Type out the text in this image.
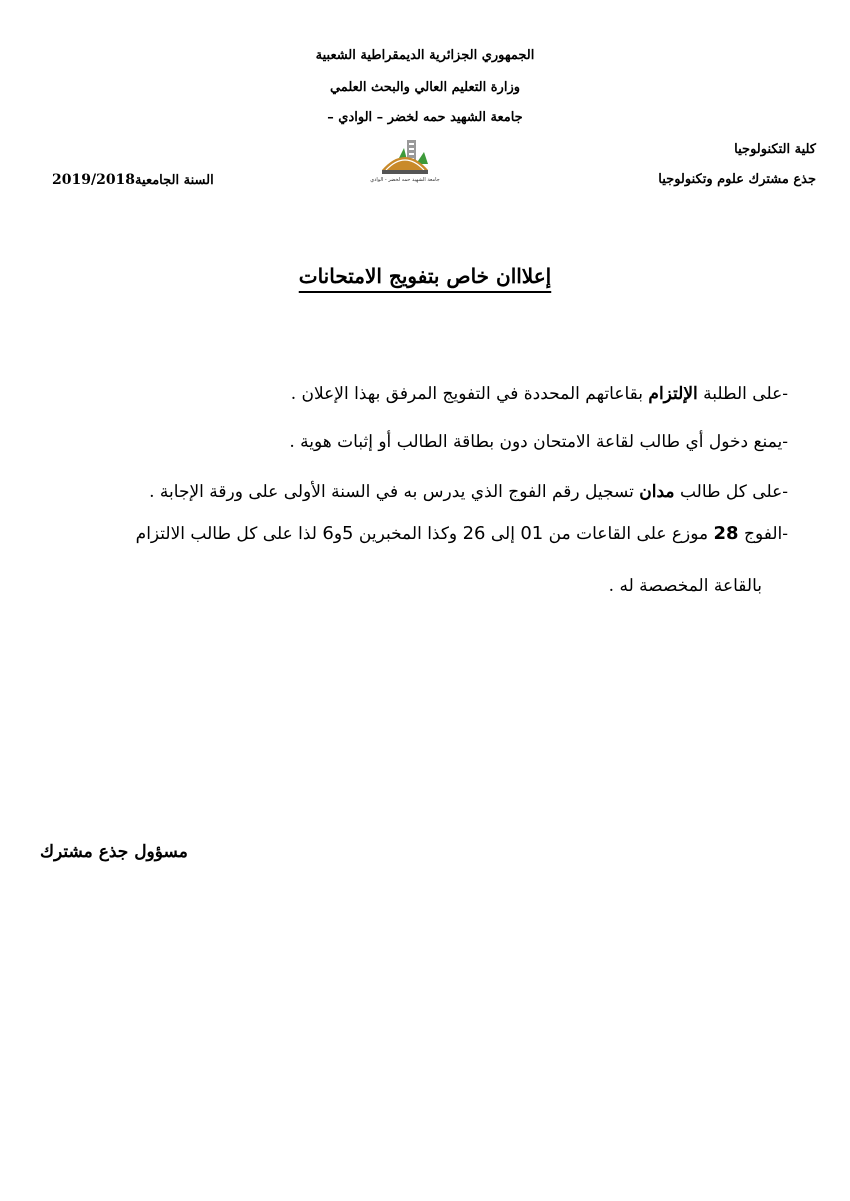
الجمهوري الجزائرية الديمقراطية الشعبية
وزارة التعليم العالي والبحث العلمي
جامعة الشهيد حمه لخضر – الوادي –
كلية التكنولوجيا
جذع مشترك علوم وتكنولوجيا
السنة الجامعية2019/2018	جامعة الشهيد حمه لخضر - الوادي
إعلااان خاص بتفويج الامتحانات
-على الطلبة الإلتزام بقاعاتهم المحددة في التفويج المرفق بهذا الإعلان .
-يمنع دخول أي طالب لقاعة الامتحان دون بطاقة الطالب أو إثبات هوية .
-على كل طالب مدان تسجيل رقم الفوج الذي يدرس به في السنة الأولى على ورقة الإجابة .
-الفوج 28 موزع على القاعات من 01 إلى 26 وكذا المخبرين 5و6 لذا على كل طالب الالتزام
بالقاعة المخصصة له .
مسؤول جذع مشترك
